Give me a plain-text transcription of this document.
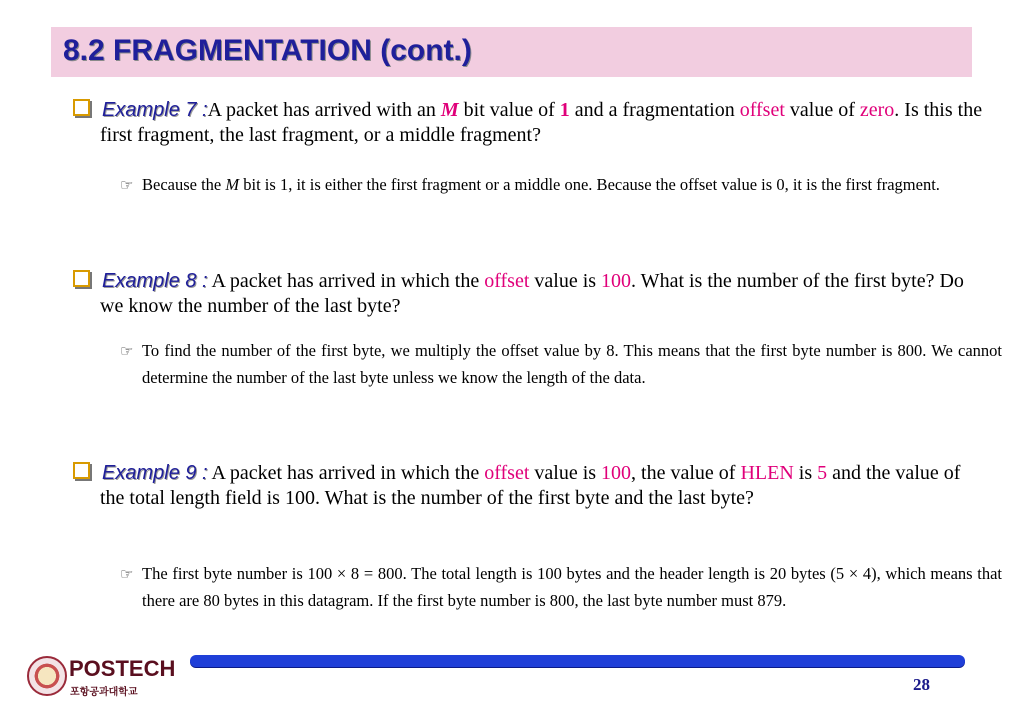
8.2 FRAGMENTATION (cont.)
Example 7 :A packet has arrived with an M bit value of 1 and a fragmentation offset value of zero. Is this the first fragment, the last fragment, or a middle fragment?
☞ Because the M bit is 1, it is either the first fragment or a middle one. Because the offset value is 0, it is the first fragment.
Example 8 : A packet has arrived in which the offset value is 100. What is the number of the first byte? Do we know the number of the last byte?
☞ To find the number of the first byte, we multiply the offset value by 8. This means that the first byte number is 800. We cannot determine the number of the last byte unless we know the length of the data.
Example 9 : A packet has arrived in which the offset value is 100, the value of HLEN is 5 and the value of the total length field is 100. What is the number of the first byte and the last byte?
☞ The first byte number is 100 × 8 = 800. The total length is 100 bytes and the header length is 20 bytes (5 × 4), which means that there are 80 bytes in this datagram. If the first byte number is 800, the last byte number must 879.
POSTECH
포항공과대학교	28
